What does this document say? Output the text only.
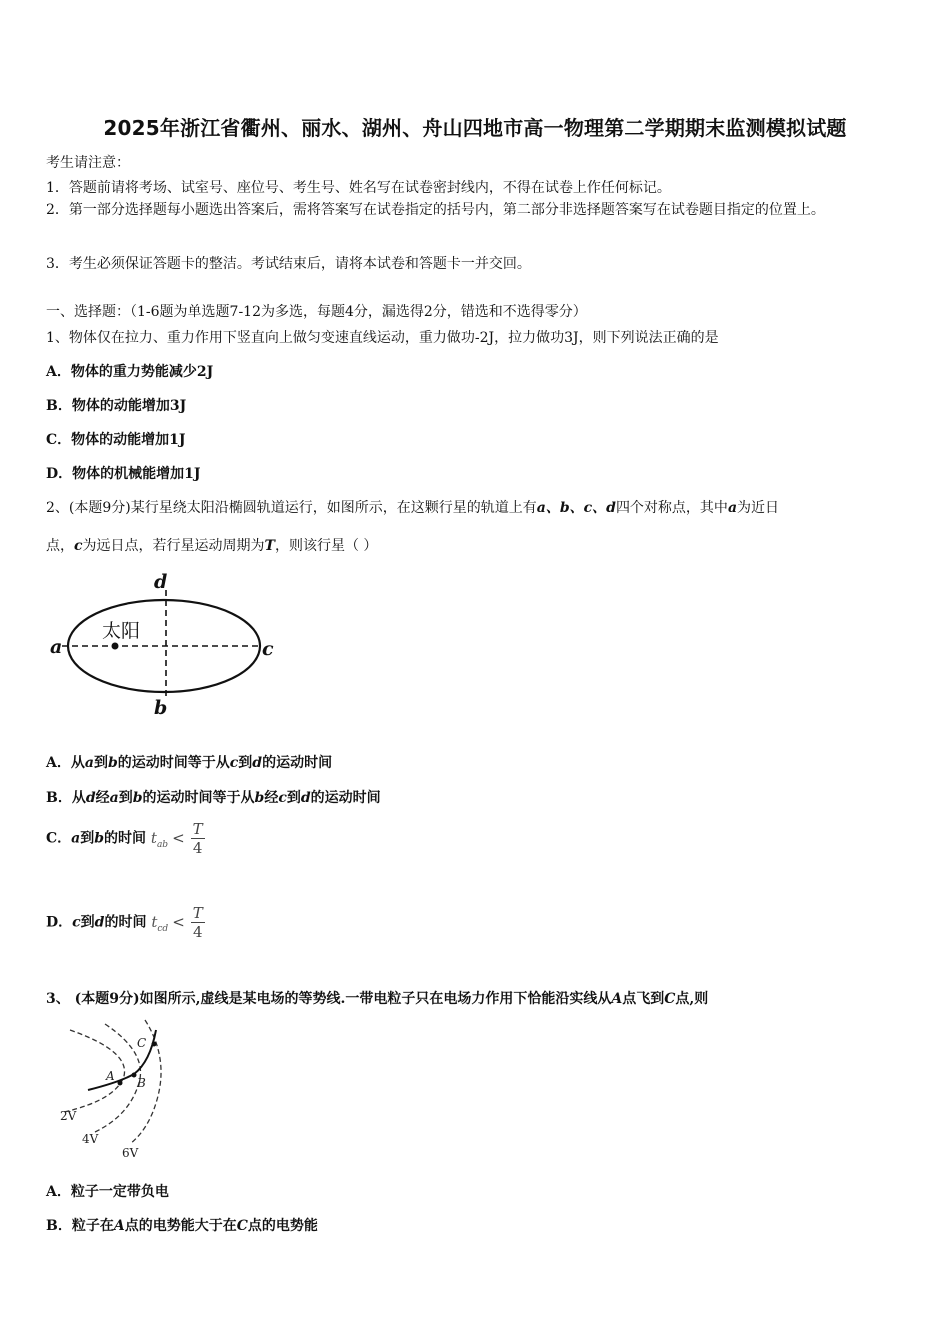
2025年浙江省衢州、丽水、湖州、舟山四地市高一物理第二学期期末监测模拟试题
考生请注意：
1．答题前请将考场、试室号、座位号、考生号、姓名写在试卷密封线内，不得在试卷上作任何标记。
2．第一部分选择题每小题选出答案后，需将答案写在试卷指定的括号内，第二部分非选择题答案写在试卷题目指定的位置上。
3．考生必须保证答题卡的整洁。考试结束后，请将本试卷和答题卡一并交回。
一、选择题：（1-6题为单选题7-12为多选，每题4分，漏选得2分，错选和不选得零分）
1、物体仅在拉力、重力作用下竖直向上做匀变速直线运动，重力做功-2J，拉力做功3J，则下列说法正确的是
A．物体的重力势能减少2J
B．物体的动能增加3J
C．物体的动能增加1J
D．物体的机械能增加1J
2、(本题9分)某行星绕太阳沿椭圆轨道运行，如图所示，在这颗行星的轨道上有a、b、c、d四个对称点，其中a为近日
点，c为远日点，若行星运动周期为T，则该行星（ ）
太阳
a	c
d
b
A．从a到b的运动时间等于从c到d的运动时间
B．从d经a到b的运动时间等于从b经c到d的运动时间
C．a到b的时间 $t_{ab} < \frac{T}{4}$
D．c到d的时间 $t_{cd} < \frac{T}{4}$
3、 (本题9分)如图所示,虚线是某电场的等势线.一带电粒子只在电场力作用下恰能沿实线从A点飞到C点,则
A B
C
2V
4V
6V
A．粒子一定带负电
B．粒子在A点的电势能大于在C点的电势能
